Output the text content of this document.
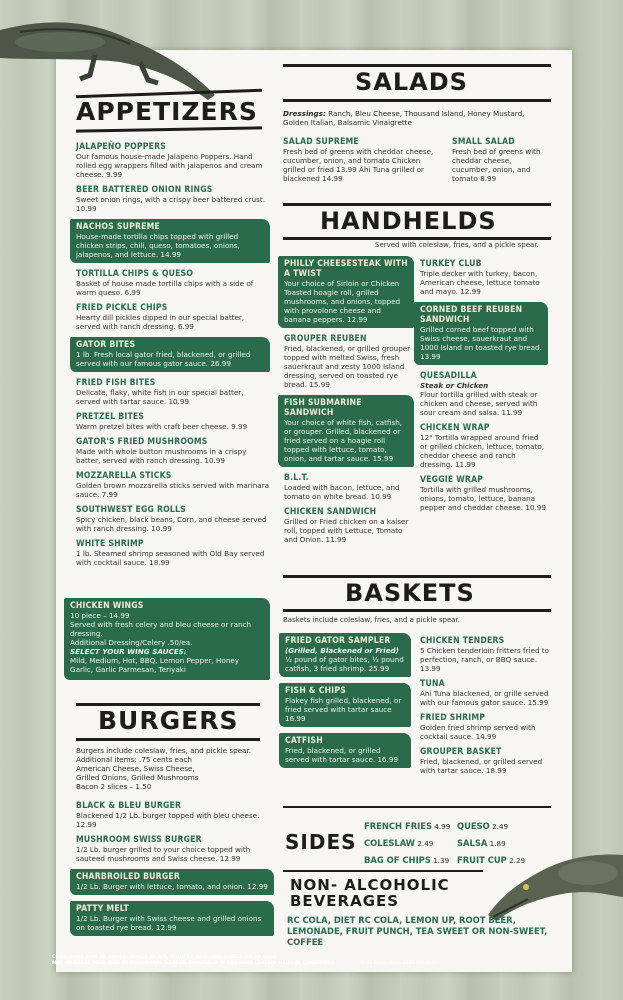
APPETIZERS
JALAPEÑO POPPERS
Our famous house-made Jalapeno Poppers. Hand rolled egg wrappers filled with jalapenos and cream cheese. 9.99
BEER BATTERED ONION RINGS
Sweet onion rings, with a crispy beer battered crust. 10.99
NACHOS SUPREME
House-made tortilla chips topped with grilled chicken strips, chili, queso, tomatoes, onions, jalapenos, and lettuce. 14.99
TORTILLA CHIPS & QUESO
Basket of house made tortilla chips with a side of warm queso. 6.99
FRIED PICKLE CHIPS
Hearty dill pickles dipped in our special batter, served with ranch dressing. 6.99
GATOR BITES
1 lb. Fresh local gator fried, blackened, or grilled served with our famous gator sauce. 26.99
FRIED FISH BITES
Delicate, flaky, white fish in our special batter, served with tartar sauce. 10.99
PRETZEL BITES
Warm pretzel bites with craft beer cheese. 9.99
GATOR'S FRIED MUSHROOMS
Made with whole button mushrooms in a crispy batter, served with ranch dressing. 10.99
MOZZARELLA STICKS
Golden brown mozzarella sticks served with marinara sauce. 7.99
SOUTHWEST EGG ROLLS
Spicy chicken, black beans, Corn, and cheese served with ranch dressing. 10.99
WHITE SHRIMP
1 lb. Steamed shrimp seasoned with Old Bay served with cocktail sauce. 18.99
CHICKEN WINGS
10 piece – 14.99
Served with fresh celery and bleu cheese or ranch dressing.
Additional Dressing/Celery .50/ea.
SELECT YOUR WING SAUCES:
Mild, Medium, Hot, BBQ, Lemon Pepper, Honey Garlic, Garlic Parmesan, Teriyaki
BURGERS
Burgers include coleslaw, fries, and pickle spear.
Additional items: .75 cents each
American Cheese, Swiss Cheese,
Grilled Onions, Grilled Mushrooms
Bacon 2 slices – 1.50
BLACK & BLEU BURGER
Blackened 1/2 Lb. burger topped with bleu cheese. 12.99
MUSHROOM SWISS BURGER
1/2 Lb. burger grilled to your choice topped with sauteed mushrooms and Swiss cheese. 12.99
CHARBROILED BURGER
1/2 Lb. Burger with lettuce, tomato, and onion. 12.99
PATTY MELT
1/2 Lb. Burger with Swiss cheese and grilled onions on toasted rye bread. 12.99
SALADS
Dressings: Ranch, Bleu Cheese, Thousand Island, Honey Mustard, Golden Italian, Balsamic Vinaigrette
SALAD SUPREME
Fresh bed of greens with cheddar cheese, cucumber, onion, and tomato Chicken grilled or fried 13.99 Ahi Tuna grilled or blackened 14.99
SMALL SALAD
Fresh bed of greens with cheddar cheese, cucumber, onion, and tomato 8.99
HANDHELDS
Served with coleslaw, fries, and a pickle spear.
PHILLY CHEESESTEAK WITH A TWIST
Your choice of Sirloin or Chicken Toasted hoagie roll, grilled mushrooms, and onions, topped with provolone cheese and banana peppers. 12.99
GROUPER REUBEN
Fried, blackened, or grilled grouper topped with melted Swiss, fresh sauerkraut and zesty 1000 Island dressing, served on toasted rye bread. 15.99
FISH SUBMARINE SANDWICH
Your choice of white fish, catfish, or grouper. Grilled, blackened or fried served on a hoagie roll topped with lettuce, tomato, onion, and tartar sauce. 15.99
B.L.T.
Loaded with bacon, lettuce, and tomato on white bread. 10.99
CHICKEN SANDWICH
Grilled or Fried chicken on a kaiser roll, topped with Lettuce, Tomato and Onion. 11.99
TURKEY CLUB
Triple decker with turkey, bacon, American cheese, lettuce tomato and mayo. 12.99
CORNED BEEF REUBEN SANDWICH
Grilled corned beef topped with Swiss cheese, sauerkraut and 1000 Island on toasted rye bread. 13.99
QUESADILLA
Steak or Chicken
Flour tortilla grilled with steak or chicken and cheese, served with sour cream and salsa. 11.99
CHICKEN WRAP
12" Tortilla wrapped around fried or grilled chicken, lettuce, tomato, cheddar cheese and ranch dressing. 11.99
VEGGIE WRAP
Tortilla with grilled mushrooms, onions, tomato, lettuce, banana pepper and cheddar cheese. 10.99
BASKETS
Baskets include coleslaw, fries, and a pickle spear.
FRIED GATOR SAMPLER
(Grilled, Blackened or Fried)
½ pound of gator bites, ½ pound catfish, 3 fried shrimp. 25.99
FISH & CHIPS
Flakey fish grilled, blackened, or fried served with tartar sauce 16.99
CATFISH
Fried, blackened, or grilled served with tartar sauce. 16.99
CHICKEN TENDERS
5 Chicken tenderloin fritters fried to perfection, ranch, or BBQ sauce. 13.99
TUNA
Ahi Tuna blackened, or grille served with our famous gator sauce. 15.99
FRIED SHRIMP
Golden fried shrimp served with cocktail sauce. 14.99
GROUPER BASKET
Fried, blackened, or grilled served with tartar sauce. 18.99
SIDES
FRENCH FRIES 4.99
COLESLAW 2.49
BAG OF CHIPS 1.39
QUESO 2.49
SALSA 1.89
FRUIT CUP 2.29
NON- ALCOHOLIC
BEVERAGES
RC COLA, DIET RC COLA, LEMON UP, ROOT BEER,
LEMONADE, FRUIT PUNCH, TEA SWEET OR NON-SWEET, COFFEE
CONSUMING RAW OR UNDERCOOKED MEATS, POULTRY, SEAFOOD, SHELLFISH OR EGGS
MAY INCREASE YOUR RISK OF FOODBORNE ILLNESS, ESPECIALLY IF YOU HAVE CERTAIN MEDICAL CONDITIONS.	© US Foods Menu 2023 (Plinder)
